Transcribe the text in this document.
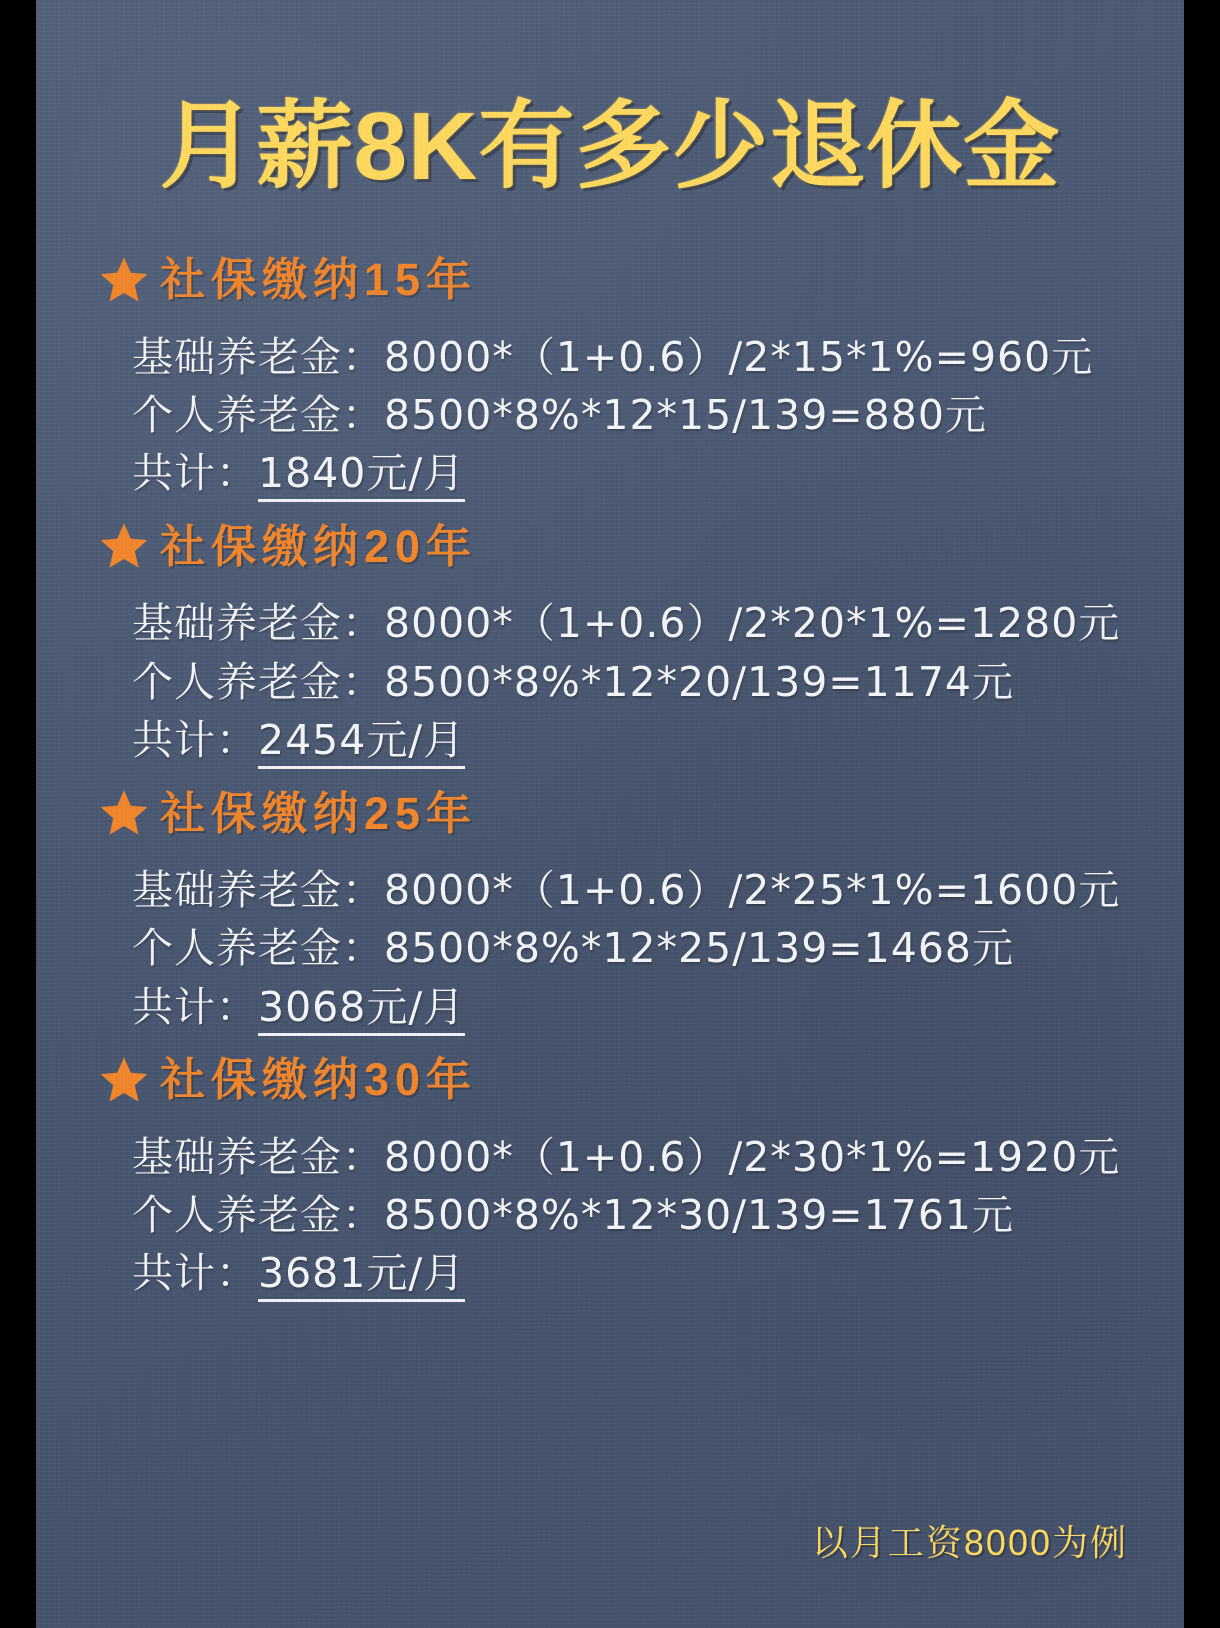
月薪8K有多少退休金
社保缴纳15年
基础养老金：8000*（1+0.6）/2*15*1%=960元
个人养老金：8500*8%*12*15/139=880元
共计：1840元/月
社保缴纳20年
基础养老金：8000*（1+0.6）/2*20*1%=1280元
个人养老金：8500*8%*12*20/139=1174元
共计：2454元/月
社保缴纳25年
基础养老金：8000*（1+0.6）/2*25*1%=1600元
个人养老金：8500*8%*12*25/139=1468元
共计：3068元/月
社保缴纳30年
基础养老金：8000*（1+0.6）/2*30*1%=1920元
个人养老金：8500*8%*12*30/139=1761元
共计：3681元/月
以月工资8000为例
